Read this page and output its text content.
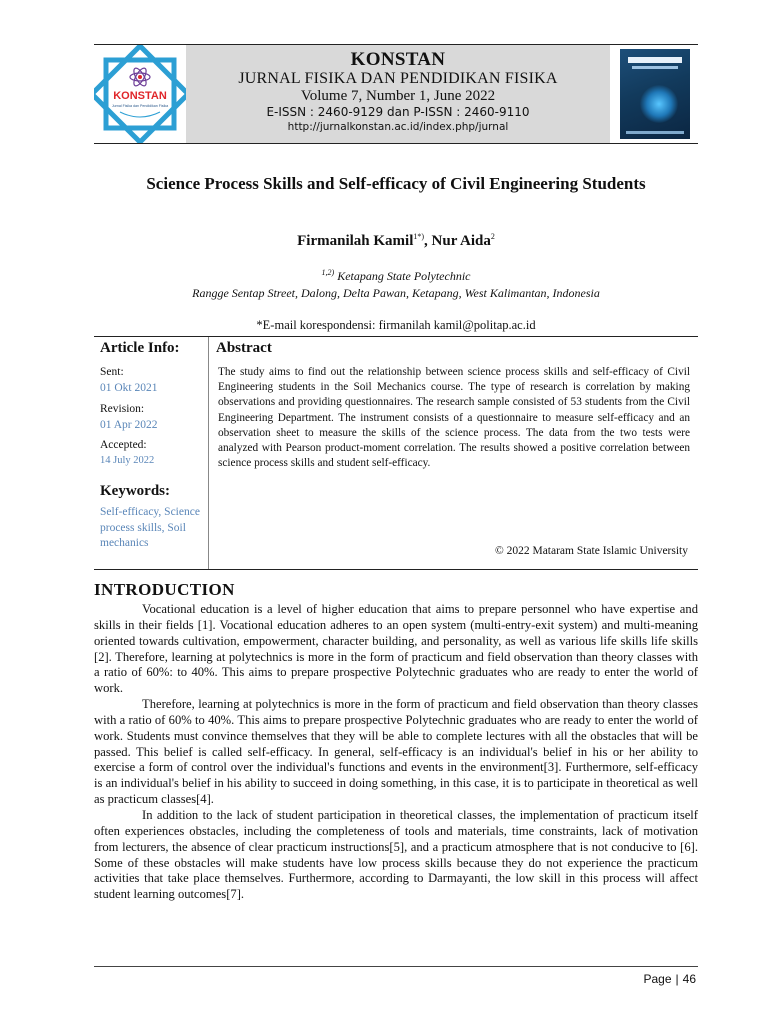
KONSTAN
Jurnal Fisika dan Pendidikan Fisika
KONSTAN
JURNAL FISIKA DAN PENDIDIKAN FISIKA
Volume 7, Number 1, June 2022
E-ISSN : 2460-9129 dan P-ISSN : 2460-9110
http://jurnalkonstan.ac.id/index.php/jurnal
Science Process Skills and Self-efficacy of Civil Engineering Students
Firmanilah Kamil$^{1*)}$, Nur Aida$^2$
$^{1,2)}$ Ketapang State Polytechnic
Rangge Sentap Street, Dalong, Delta Pawan, Ketapang, West Kalimantan, Indonesia
*E-mail korespondensi: firmanilah kamil@politap.ac.id
Article Info:
Sent:
01 Okt 2021
Revision:
01 Apr 2022
Accepted:
14 July 2022
Keywords:
Self-efficacy, Science process skills, Soil mechanics
Abstract
The study aims to find out the relationship between science process skills and self-efficacy of Civil Engineering students in the Soil Mechanics course. The type of research is correlation by making observations and providing questionnaires. The research sample consisted of 53 students from the Civil Engineering Department. The instrument consists of a questionnaire to measure self-efficacy and an observation sheet to measure the skills of the science process. The data from the two tests were analyzed with Pearson product-moment correlation. The results showed a positive correlation between science process skills and student self-efficacy.
© 2022 Mataram State Islamic University
INTRODUCTION

Vocational education is a level of higher education that aims to prepare personnel who have expertise and skills in their fields [1]. Vocational education adheres to an open system (multi-entry-exit system) and multi-meaning oriented towards cultivation, empowerment, character building, and personality, as well as various life skills life skills [2]. Therefore, learning at polytechnics is more in the form of practicum and field observation than theory classes with a ratio of 60%: to 40%. This aims to prepare prospective Polytechnic graduates who are ready to enter the world of work.

Therefore, learning at polytechnics is more in the form of practicum and field observation than theory classes with a ratio of 60% to 40%. This aims to prepare prospective Polytechnic graduates who are ready to enter the world of work. Students must convince themselves that they will be able to complete lectures with all the obstacles that will be passed. This belief is called self-efficacy. In general, self-efficacy is an individual's belief in his or her ability to exercise a form of control over the individual's functions and events in the environment[3]. Furthermore, self-efficacy is an individual's belief in his ability to succeed in doing something, in this case, it is to participate in theoretical as well as practicum classes[4].

In addition to the lack of student participation in theoretical classes, the implementation of practicum itself often experiences obstacles, including the completeness of tools and materials, time constraints, lack of motivation from lecturers, the absence of clear practicum instructions[5], and a practicum atmosphere that is not conducive to [6]. Some of these obstacles will make students have low process skills because they do not experience the practicum activities that take place themselves. Furthermore, according to Darmayanti, the low skill in this process will affect student learning outcomes[7].

Page | 46
